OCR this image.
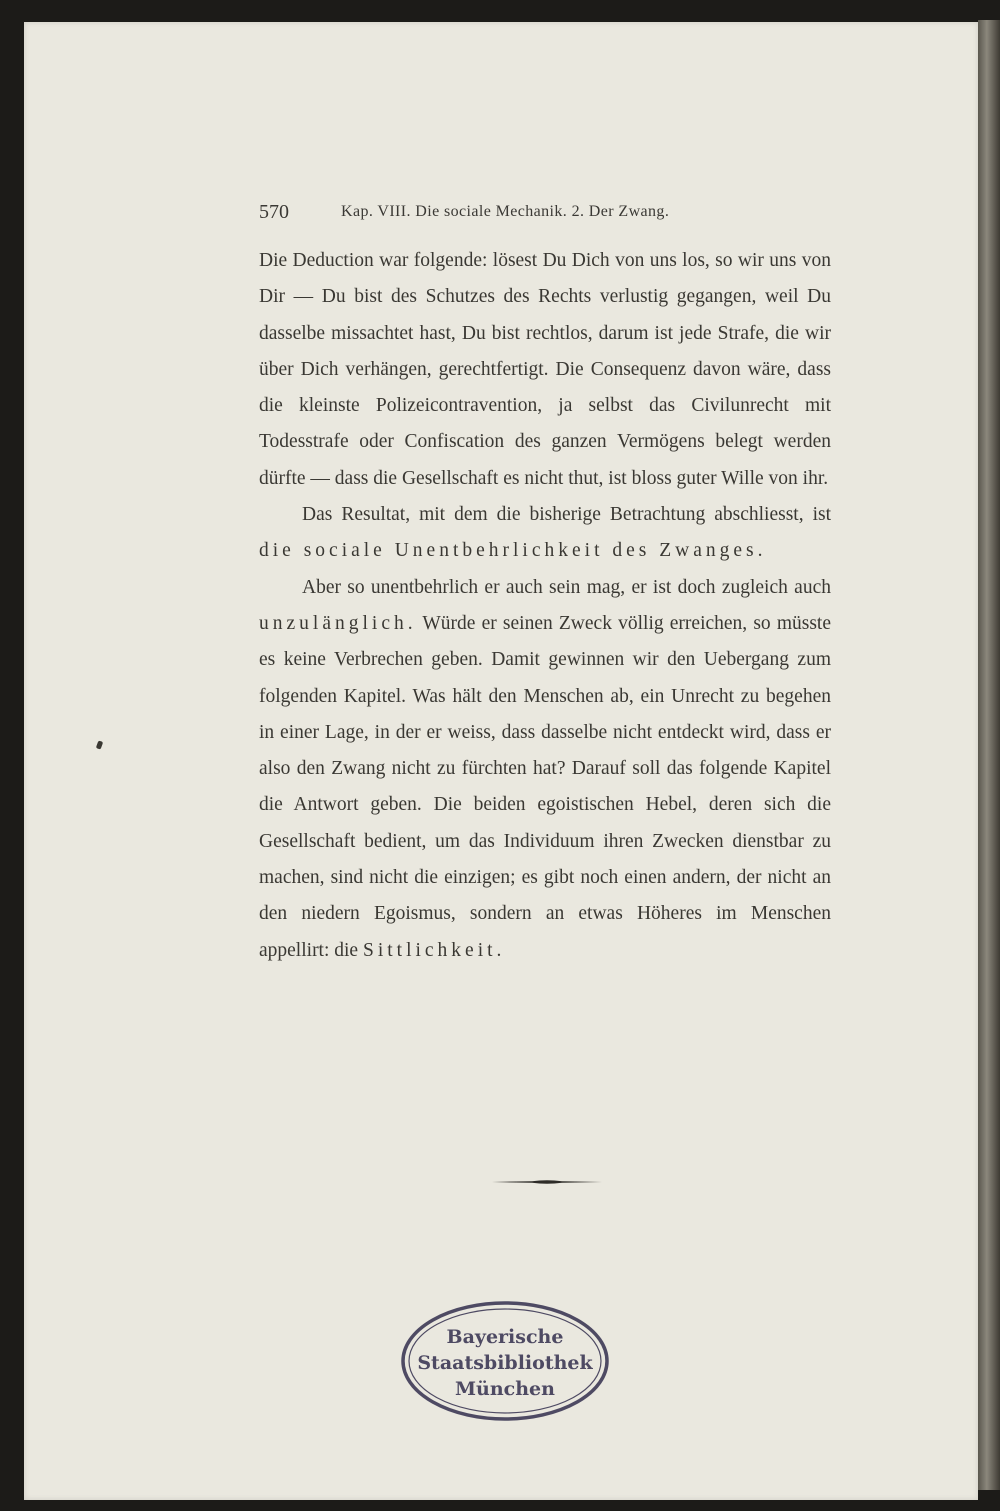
570	Kap. VIII. Die sociale Mechanik. 2. Der Zwang.

Die Deduction war folgende: lösest Du Dich von uns los, so wir uns von Dir — Du bist des Schutzes des Rechts verlustig gegangen, weil Du dasselbe missachtet hast, Du bist rechtlos, darum ist jede Strafe, die wir über Dich verhängen, gerechtfertigt. Die Consequenz davon wäre, dass die kleinste Polizeicontravention, ja selbst das Civilunrecht mit Todesstrafe oder Confiscation des ganzen Vermögens belegt werden dürfte — dass die Gesellschaft es nicht thut, ist bloss guter Wille von ihr.

Das Resultat, mit dem die bisherige Betrachtung abschliesst, ist die sociale Unentbehrlichkeit des Zwanges.

Aber so unentbehrlich er auch sein mag, er ist doch zugleich auch unzulänglich. Würde er seinen Zweck völlig erreichen, so müsste es keine Verbrechen geben. Damit gewinnen wir den Uebergang zum folgenden Kapitel. Was hält den Menschen ab, ein Unrecht zu begehen in einer Lage, in der er weiss, dass dasselbe nicht entdeckt wird, dass er also den Zwang nicht zu fürchten hat? Darauf soll das folgende Kapitel die Antwort geben. Die beiden egoistischen Hebel, deren sich die Gesellschaft bedient, um das Individuum ihren Zwecken dienstbar zu machen, sind nicht die einzigen; es gibt noch einen andern, der nicht an den niedern Egoismus, sondern an etwas Höheres im Menschen appellirt: die Sittlichkeit.

Bayerische
Staatsbibliothek
München
